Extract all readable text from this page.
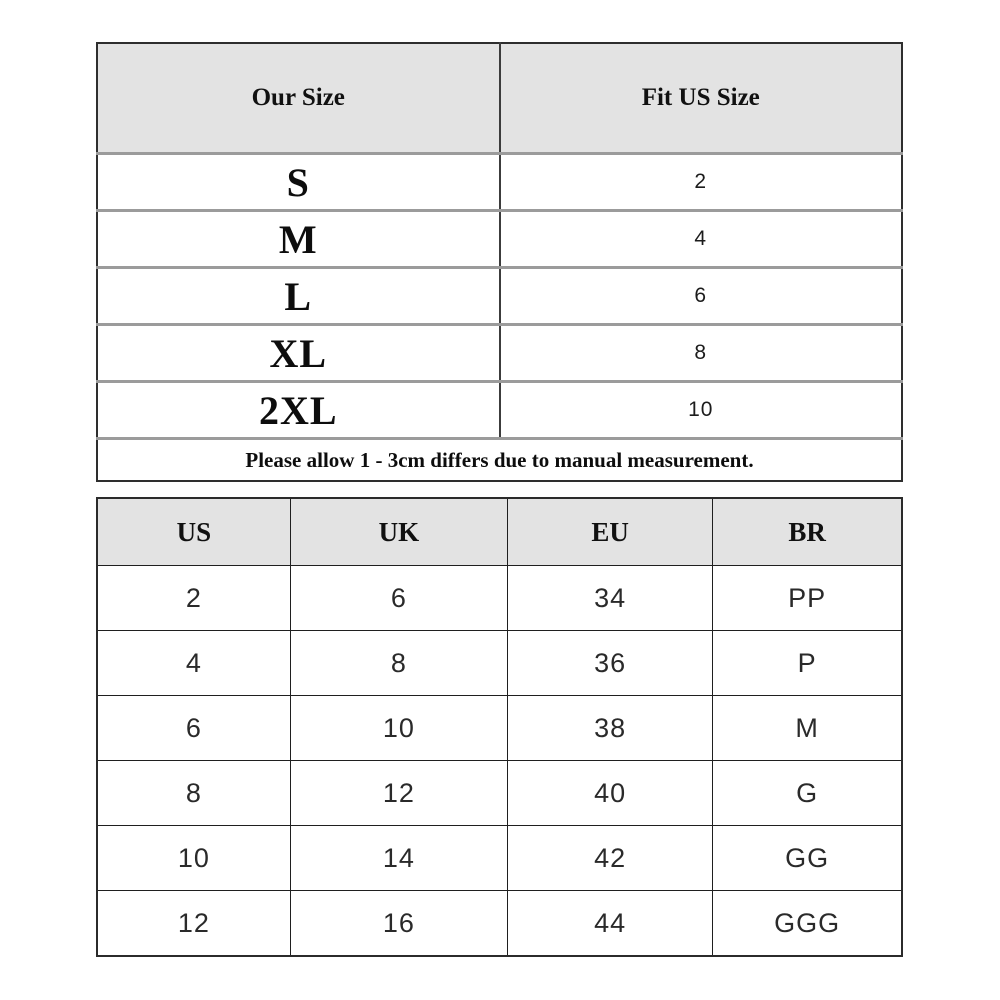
Our Size	Fit US Size
S	2
M	4
L	6
XL	8
2XL	10
Please allow 1 - 3cm differs due to manual measurement.	
US	UK	EU	BR
2	6	34	PP
4	8	36	P
6	10	38	M
8	12	40	G
10	14	42	GG
12	16	44	GGG
